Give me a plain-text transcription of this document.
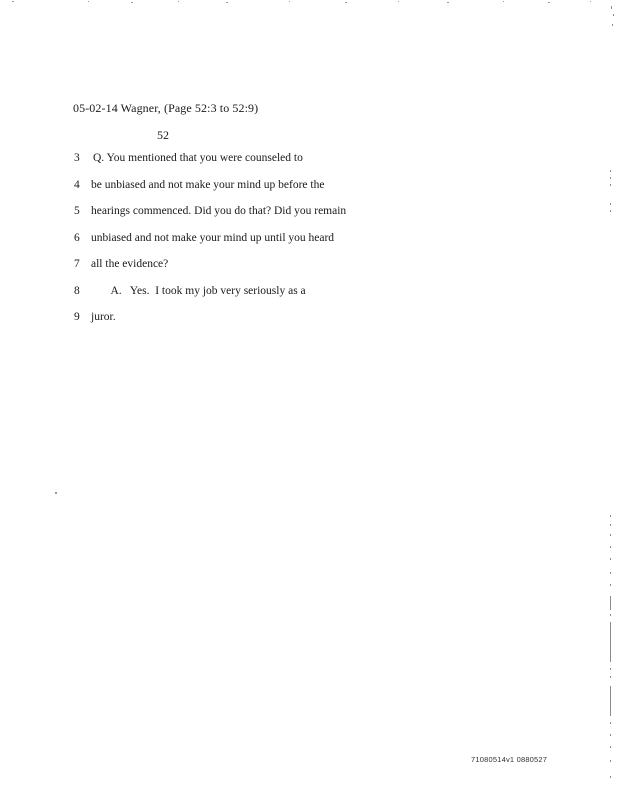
05-02-14 Wagner, (Page 52:3 to 52:9)
52
3	Q. You mentioned that you were counseled to
4 be unbiased and not make your mind up before the
5 hearings commenced. Did you do that? Did you remain
6 unbiased and not make your mind up until you heard
7 all the evidence?
8 A.   Yes.  I took my job very seriously as a
9 juror.
71080514v1 0880527
